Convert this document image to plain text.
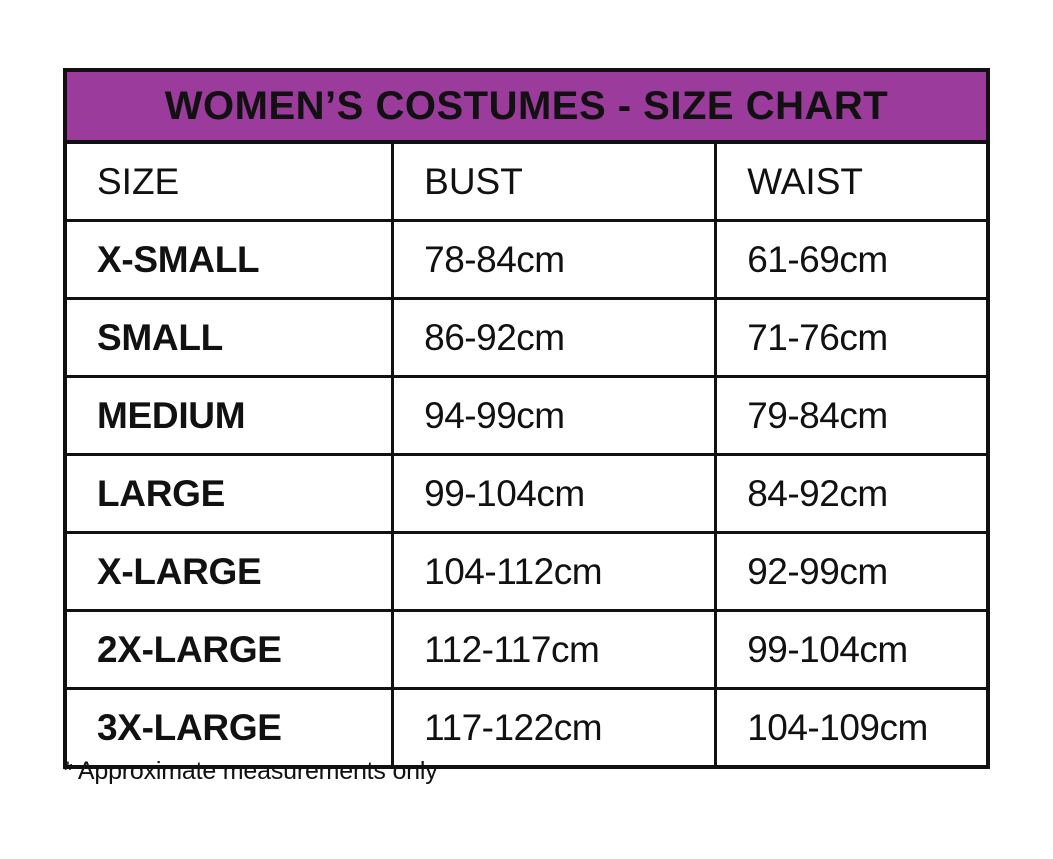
WOMEN’S COSTUMES - SIZE CHART
SIZE	BUST	WAIST
X-SMALL	78-84cm	61-69cm
SMALL	86-92cm	71-76cm
MEDIUM	94-99cm	79-84cm
LARGE	99-104cm	84-92cm
X-LARGE	104-112cm	92-99cm
2X-LARGE	112-117cm	99-104cm
3X-LARGE	117-122cm	104-109cm
* Approximate measurements only
